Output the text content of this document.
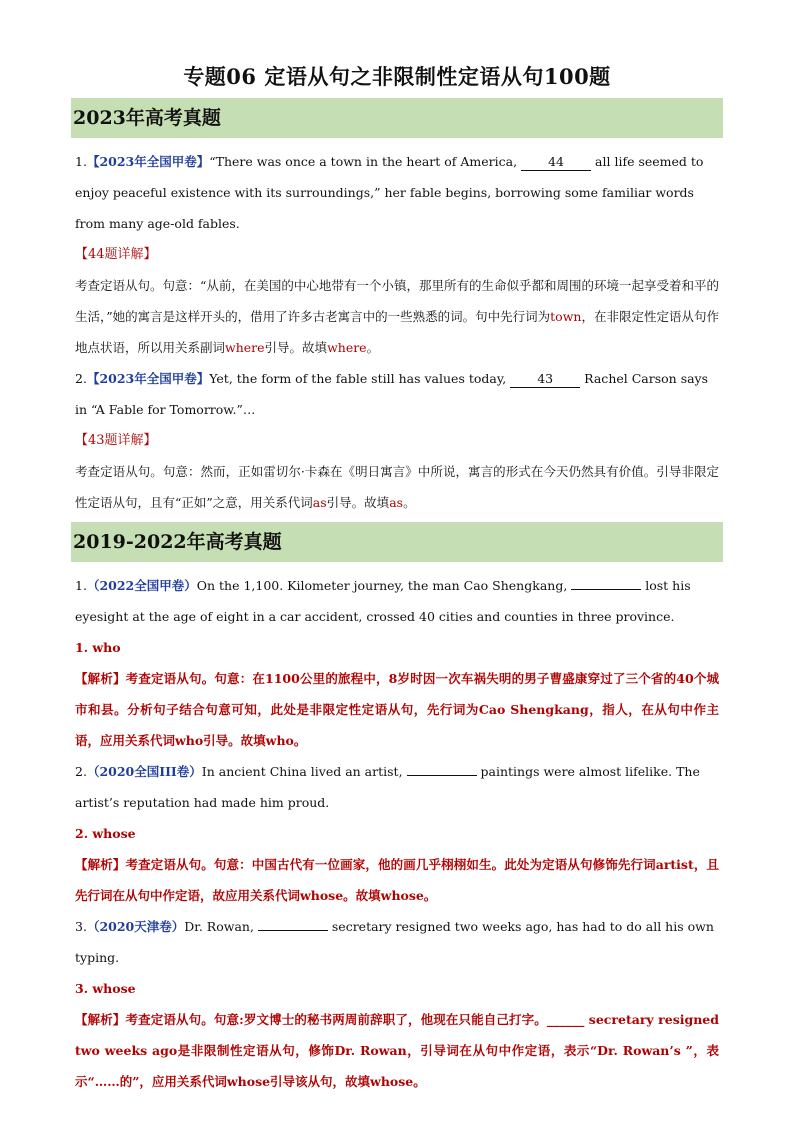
专题06 定语从句之非限制性定语从句100题
2023年高考真题

1.【2023年全国甲卷】“There was once a town in the heart of America, 44 all life seemed to enjoy peaceful existence with its surroundings,” her fable begins, borrowing some familiar words from many age-old fables.

【44题详解】

考查定语从句。句意：“从前，在美国的中心地带有一个小镇，那里所有的生命似乎都和周围的环境一起享受着和平的生活，”她的寓言是这样开头的，借用了许多古老寓言中的一些熟悉的词。句中先行词为town，在非限定性定语从句作地点状语，所以用关系副词where引导。故填where。

2.【2023年全国甲卷】Yet, the form of the fable still has values today, 43 Rachel Carson says in “A Fable for Tomorrow.”…

【43题详解】

考查定语从句。句意：然而，正如雷切尔·卡森在《明日寓言》中所说，寓言的形式在今天仍然具有价值。引导非限定性定语从句，且有“正如”之意，用关系代词as引导。故填as。

2019-2022年高考真题

1.（2022全国甲卷）On the 1,100. Kilometer journey, the man Cao Shengkang,	lost his eyesight at the age of eight in a car accident, crossed 40 cities and counties in three province.

1. who

【解析】考查定语从句。句意：在1100公里的旅程中，8岁时因一次车祸失明的男子曹盛康穿过了三个省的40个城市和县。分析句子结合句意可知，此处是非限定性定语从句，先行词为Cao Shengkang，指人，在从句中作主语，应用关系代词who引导。故填who。

2.（2020全国III卷）In ancient China lived an artist,	paintings were almost lifelike. The artist’s reputation had made him proud.

2. whose

【解析】考查定语从句。句意：中国古代有一位画家，他的画几乎栩栩如生。此处为定语从句修饰先行词artist，且先行词在从句中作定语，故应用关系代词whose。故填whose。

3.（2020天津卷）Dr. Rowan,	secretary resigned two weeks ago, has had to do all his own typing.

3. whose

【解析】考查定语从句。句意:罗文博士的秘书两周前辞职了，他现在只能自己打字。______ secretary resigned two weeks ago是非限制性定语从句，修饰Dr. Rowan，引导词在从句中作定语，表示“Dr. Rowan’s ”，表示“……的”，应用关系代词whose引导该从句，故填whose。
